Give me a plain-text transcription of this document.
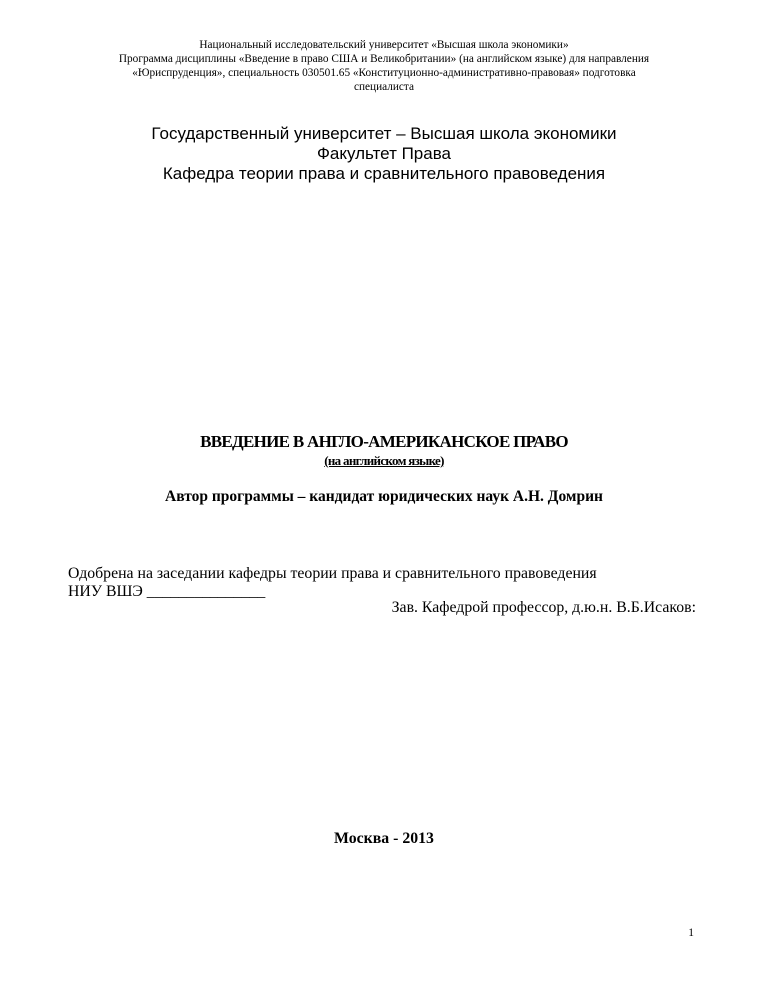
Национальный исследовательский университет «Высшая школа экономики»
Программа дисциплины «Введение в право США и Великобритании» (на английском языке) для направления
«Юриспруденция», специальность 030501.65 «Конституционно-административно-правовая» подготовка
специалиста
Государственный университет – Высшая школа экономики
Факультет Права
Кафедра теории права и сравнительного правоведения
ВВЕДЕНИЕ В АНГЛО-АМЕРИКАНСКОЕ ПРАВО
(на английском языке)
Автор программы – кандидат юридических наук А.Н. Домрин
Одобрена на заседании кафедры теории права и сравнительного правоведения
НИУ ВШЭ _______________
Зав. Кафедрой профессор, д.ю.н. В.Б.Исаков:
Москва - 2013
1
